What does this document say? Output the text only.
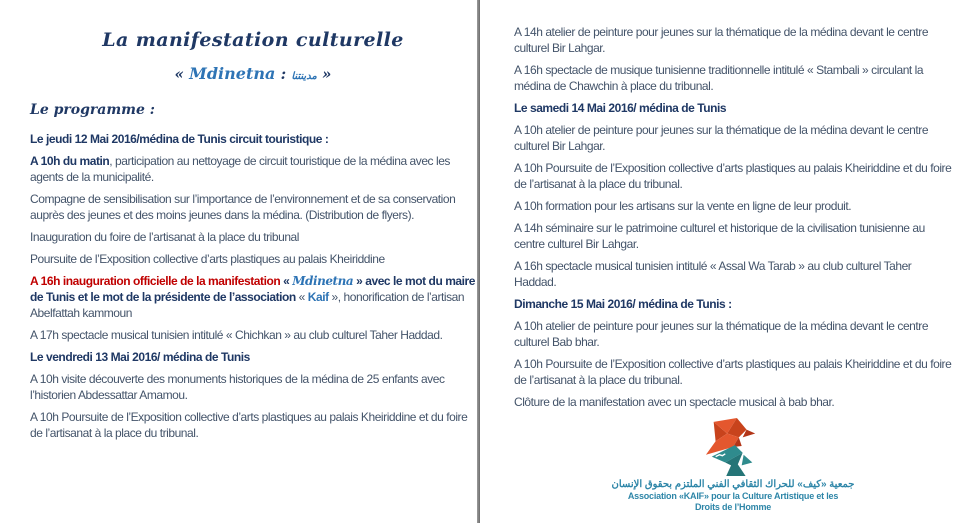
La manifestation culturelle
« Mdinetna : مدينتنا »
Le programme :

Le jeudi 12 Mai 2016/médina de Tunis circuit touristique :

A 10h du matin, participation au nettoyage de circuit touristique de la médina avec les agents de la municipalité.

Compagne de sensibilisation sur l’importance de l’environnement et de sa conservation auprès des jeunes et des moins jeunes dans la médina. (Distribution de flyers).

Inauguration du foire de l’artisanat à la place du tribunal

Poursuite de l’Exposition collective d’arts plastiques au palais Kheiriddine

A 16h inauguration officielle de la manifestation « Mdinetna » avec le mot du maire de Tunis et le mot de la présidente de l’association « Kaif », honorification de l’artisan Abelfattah kammoun

A 17h spectacle musical tunisien intitulé « Chichkan » au club culturel Taher Haddad.

Le vendredi 13 Mai 2016/ médina de Tunis

A 10h visite découverte des monuments historiques de la médina de 25 enfants avec l’historien Abdessattar Amamou.

A 10h Poursuite de l’Exposition collective d’arts plastiques au palais Kheiriddine et du foire de l’artisanat à la place du tribunal.

A 14h atelier de peinture pour jeunes sur la thématique de la médina devant le centre culturel Bir Lahgar.

A 16h spectacle de musique tunisienne traditionnelle intitulé « Stambali » circulant la médina de Chawchin à place du tribunal.

Le samedi 14 Mai 2016/ médina de Tunis

A 10h atelier de peinture pour jeunes sur la thématique de la médina devant le centre culturel Bir Lahgar.

A 10h Poursuite de l’Exposition collective d’arts plastiques au palais Kheiriddine et du foire de l’artisanat à la place du tribunal.

A 10h formation pour les artisans sur la vente en ligne de leur produit.

A 14h séminaire sur le patrimoine culturel et historique de la civilisation tunisienne au centre culturel Bir Lahgar.

A 16h spectacle musical tunisien intitulé « Assal Wa Tarab » au club culturel Taher Haddad.

Dimanche 15 Mai 2016/ médina de Tunis :

A 10h atelier de peinture pour jeunes sur la thématique de la médina devant le centre culturel Bab bhar.

A 10h Poursuite de l’Exposition collective d’arts plastiques au palais Kheiriddine et du foire de l’artisanat à la place du tribunal.

Clôture de la manifestation avec un spectacle musical à bab bhar.

جمعية «كيف» للحراك الثقافي الفني الملتزم بحقوق الإنسان
Association «KAIF» pour la Culture Artistique et les
Droits de l’Homme
